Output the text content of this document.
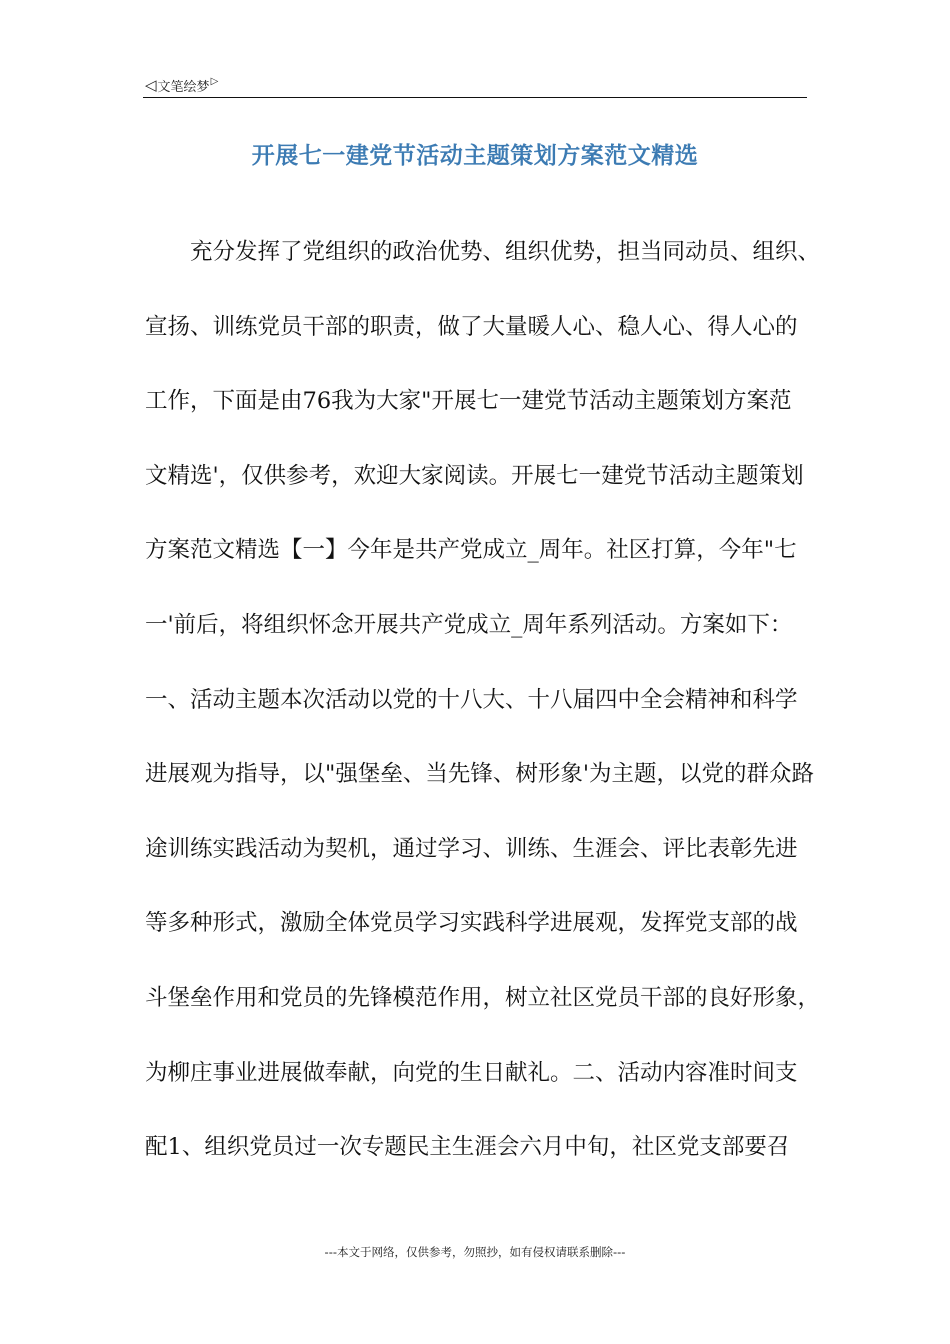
◁ 文笔绘梦 ▷
开展七一建党节活动主题策划方案范文精选
充分发挥了党组织的政治优势、组织优势，担当同动员、组织、
宣扬、训练党员干部的职责，做了大量暖人心、稳人心、得人心的
工作，下面是由76我为大家"开展七一建党节活动主题策划方案范
文精选'，仅供参考，欢迎大家阅读。开展七一建党节活动主题策划
方案范文精选【一】今年是共产党成立_周年。社区打算，今年"七
一'前后，将组织怀念开展共产党成立_周年系列活动。方案如下：
一、活动主题本次活动以党的十八大、十八届四中全会精神和科学
进展观为指导，以"强堡垒、当先锋、树形象'为主题，以党的群众路
途训练实践活动为契机，通过学习、训练、生涯会、评比表彰先进
等多种形式，激励全体党员学习实践科学进展观，发挥党支部的战
斗堡垒作用和党员的先锋模范作用，树立社区党员干部的良好形象，
为柳庄事业进展做奉献，向党的生日献礼。二、活动内容准时间支
配1、组织党员过一次专题民主生涯会六月中旬，社区党支部要召
---本文于网络，仅供参考，勿照抄，如有侵权请联系删除---
